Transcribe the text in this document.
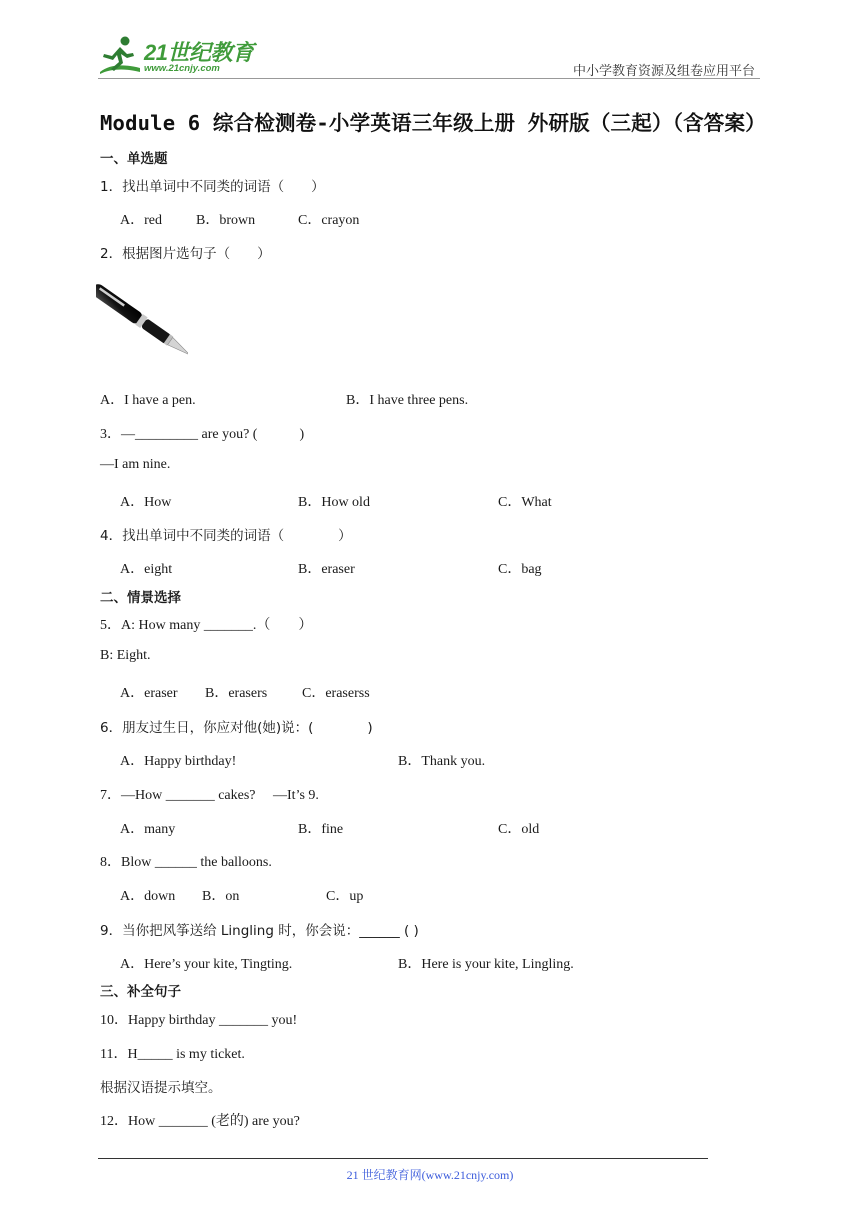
21世纪教育
www.21cnjy.com	中小学教育资源及组卷应用平台
Module 6 综合检测卷-小学英语三年级上册 外研版（三起）（含答案）
一、单选题
1．找出单词中不同类的词语（　　）
A．red B．brown	C．crayon
2．根据图片选句子（　　）
A．I have a pen.	B．I have three pens.
3．—_________ are you? (　　　)
—I am nine.
A．How	B．How old	C．What
4．找出单词中不同类的词语（　　　　）
A．eight	B．eraser	C．bag
二、情景选择
5．A: How many _______.（　　）
B: Eight.
A．eraser B．erasers C．eraserss
6．朋友过生日，你应对他(她)说：(　　　　)
A．Happy birthday!	B．Thank you.
7．—How _______ cakes?　 —It’s 9.
A．many	B．fine	C．old
8．Blow ______ the balloons.
A．down B．on	C．up
9．当你把风筝送给 Lingling 时，你会说：______ ( )
A．Here’s your kite, Tingting.	B．Here is your kite, Lingling.
三、补全句子
10．Happy birthday _______ you!
11．H_____ is my ticket.
根据汉语提示填空。
12．How _______ (老的) are you?
21 世纪教育网(www.21cnjy.com)
